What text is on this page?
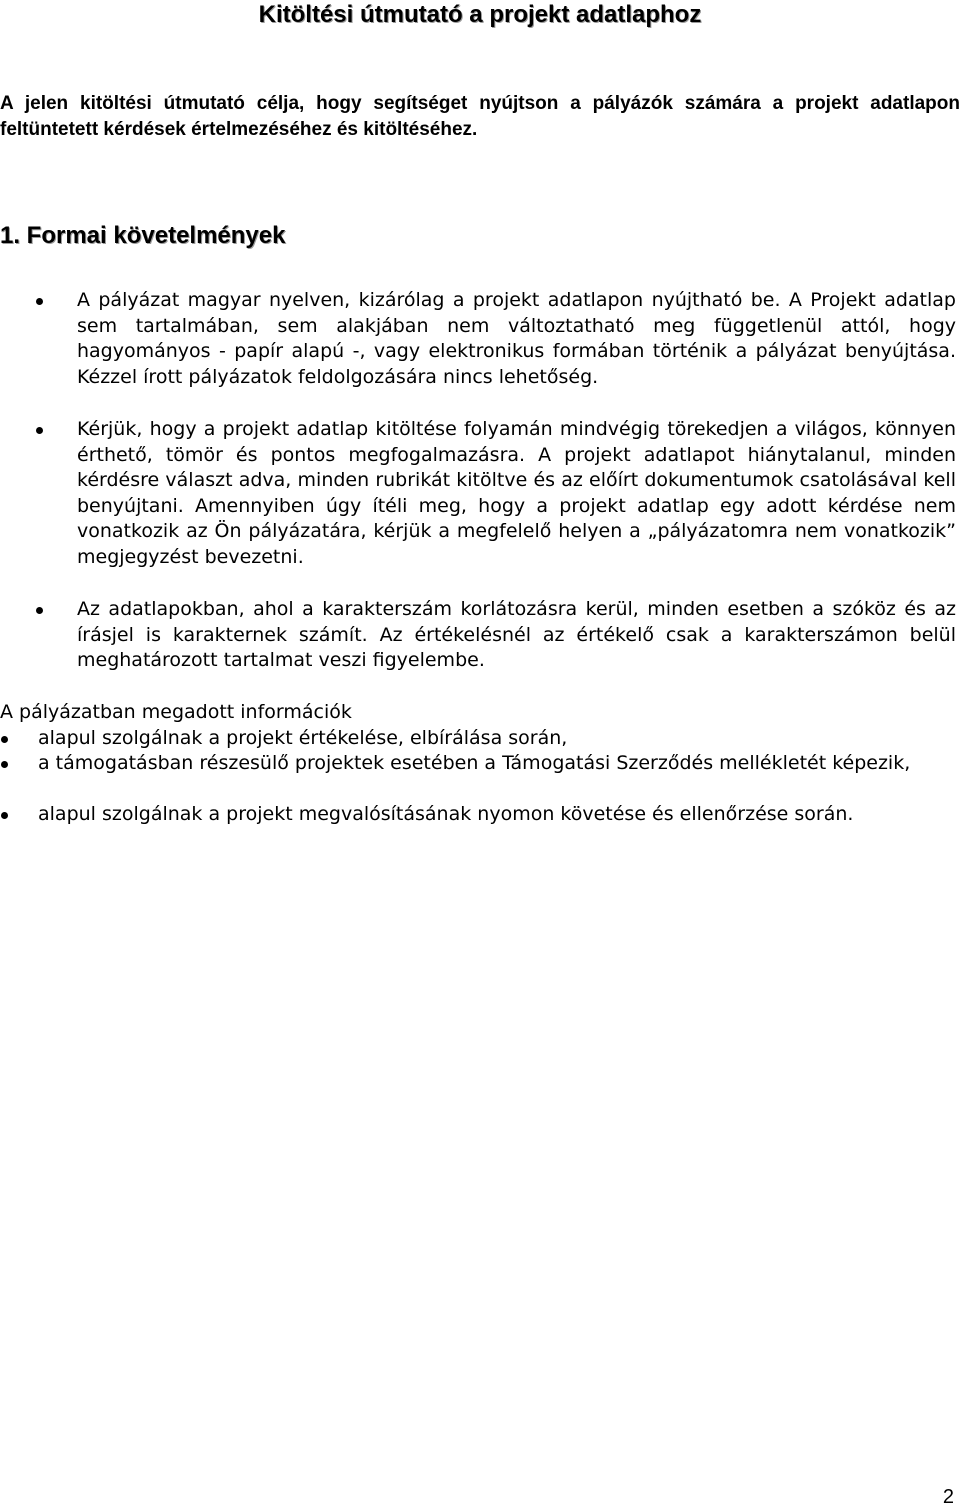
Kitöltési útmutató a projekt adatlaphoz

A jelen kitöltési útmutató célja, hogy segítséget nyújtson a pályázók számára a projekt adatlapon feltüntetett kérdések értelmezéséhez és kitöltéséhez.

1. Formai követelmények

A pályázat magyar nyelven, kizárólag a projekt adatlapon nyújtható be. A Projekt adatlap sem tartalmában, sem alakjában nem változtatható meg függetlenül attól, hogy hagyományos - papír alapú -, vagy elektronikus formában történik a pályázat benyújtása. Kézzel írott pályázatok feldolgozására nincs lehetőség.

Kérjük, hogy a projekt adatlap kitöltése folyamán mindvégig törekedjen a világos, könnyen érthető, tömör és pontos megfogalmazásra. A projekt adatlapot hiánytalanul, minden kérdésre választ adva, minden rubrikát kitöltve és az előírt dokumentumok csatolásával kell benyújtani. Amennyiben úgy ítéli meg, hogy a projekt adatlap egy adott kérdése nem vonatkozik az Ön pályázatára, kérjük a megfelelő helyen a „pályázatomra nem vonatkozik” megjegyzést bevezetni.

Az adatlapokban, ahol a karakterszám korlátozásra kerül, minden esetben a szóköz és az írásjel is karakternek számít. Az értékelésnél az értékelő csak a karakterszámon belül meghatározott tartalmat veszi figyelembe.

A pályázatban megadott információk

alapul szolgálnak a projekt értékelése, elbírálása során,

a támogatásban részesülő projektek esetében a Támogatási Szerződés mellékletét képezik,

alapul szolgálnak a projekt megvalósításának nyomon követése és ellenőrzése során.

2
